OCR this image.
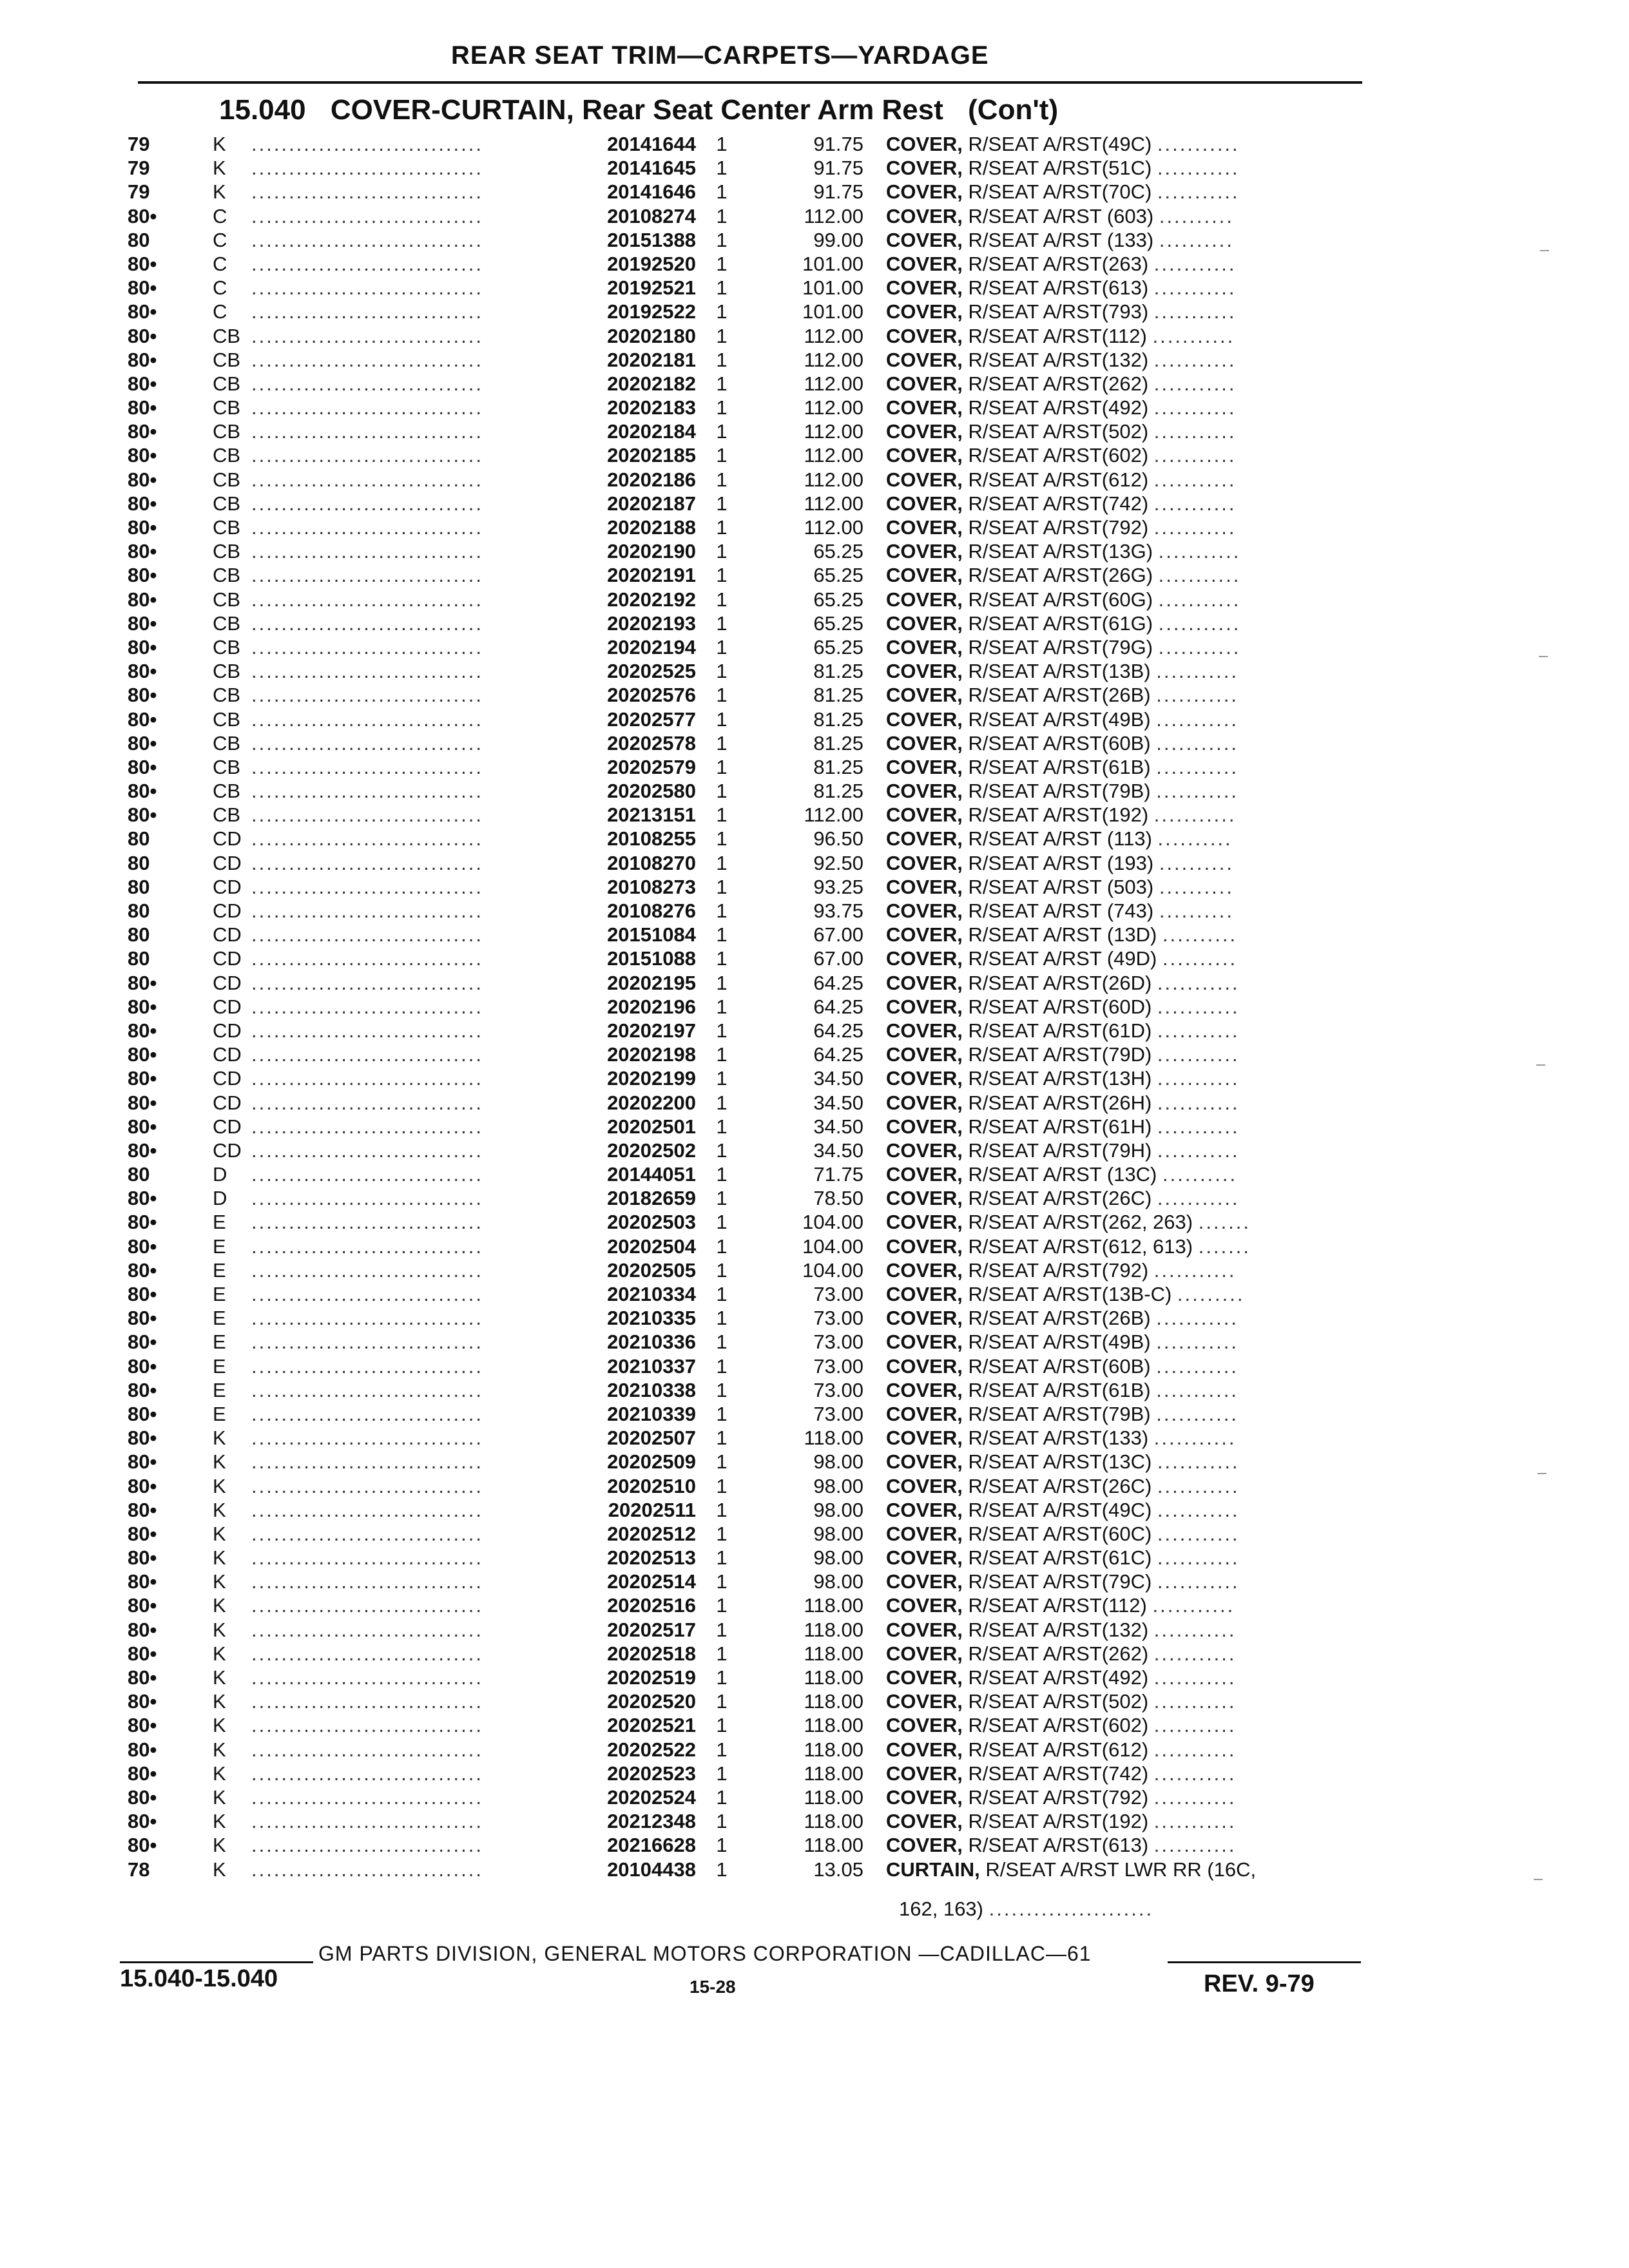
REAR SEAT TRIM—CARPETS—YARDAGE
15.040 COVER-CURTAIN, Rear Seat Center Arm Rest (Con't)
79	K	...............................	20141644	1	91.75 COVER, R/SEAT A/RST(49C) ...........
79	K	...............................	20141645	1	91.75 COVER, R/SEAT A/RST(51C) ...........
79	K	...............................	20141646	1	91.75 COVER, R/SEAT A/RST(70C) ...........
80•	C	...............................	20108274	1	112.00 COVER, R/SEAT A/RST (603) ..........
80	C	...............................	20151388	1	99.00 COVER, R/SEAT A/RST (133) ..........
80•	C	...............................	20192520	1	101.00 COVER, R/SEAT A/RST(263) ...........
80•	C	...............................	20192521	1	101.00 COVER, R/SEAT A/RST(613) ...........
80•	C	...............................	20192522	1	101.00 COVER, R/SEAT A/RST(793) ...........
80•	CB ...............................	20202180	1	112.00 COVER, R/SEAT A/RST(112) ...........
80•	CB ...............................	20202181	1	112.00 COVER, R/SEAT A/RST(132) ...........
80•	CB ...............................	20202182	1	112.00 COVER, R/SEAT A/RST(262) ...........
80•	CB ...............................	20202183	1	112.00 COVER, R/SEAT A/RST(492) ...........
80•	CB ...............................	20202184	1	112.00 COVER, R/SEAT A/RST(502) ...........
80•	CB ...............................	20202185	1	112.00 COVER, R/SEAT A/RST(602) ...........
80•	CB ...............................	20202186	1	112.00 COVER, R/SEAT A/RST(612) ...........
80•	CB ...............................	20202187	1	112.00 COVER, R/SEAT A/RST(742) ...........
80•	CB ...............................	20202188	1	112.00 COVER, R/SEAT A/RST(792) ...........
80•	CB ...............................	20202190	1	65.25 COVER, R/SEAT A/RST(13G) ...........
80•	CB ...............................	20202191	1	65.25 COVER, R/SEAT A/RST(26G) ...........
80•	CB ...............................	20202192	1	65.25 COVER, R/SEAT A/RST(60G) ...........
80•	CB ...............................	20202193	1	65.25 COVER, R/SEAT A/RST(61G) ...........
80•	CB ...............................	20202194	1	65.25 COVER, R/SEAT A/RST(79G) ...........
80•	CB ...............................	20202525	1	81.25 COVER, R/SEAT A/RST(13B) ...........
80•	CB ...............................	20202576	1	81.25 COVER, R/SEAT A/RST(26B) ...........
80•	CB ...............................	20202577	1	81.25 COVER, R/SEAT A/RST(49B) ...........
80•	CB ...............................	20202578	1	81.25 COVER, R/SEAT A/RST(60B) ...........
80•	CB ...............................	20202579	1	81.25 COVER, R/SEAT A/RST(61B) ...........
80•	CB ...............................	20202580	1	81.25 COVER, R/SEAT A/RST(79B) ...........
80•	CB ...............................	20213151	1	112.00 COVER, R/SEAT A/RST(192) ...........
80	CD ...............................	20108255	1	96.50 COVER, R/SEAT A/RST (113) ..........
80	CD ...............................	20108270	1	92.50 COVER, R/SEAT A/RST (193) ..........
80	CD ...............................	20108273	1	93.25 COVER, R/SEAT A/RST (503) ..........
80	CD ...............................	20108276	1	93.75 COVER, R/SEAT A/RST (743) ..........
80	CD ...............................	20151084	1	67.00 COVER, R/SEAT A/RST (13D) ..........
80	CD ...............................	20151088	1	67.00 COVER, R/SEAT A/RST (49D) ..........
80•	CD ...............................	20202195	1	64.25 COVER, R/SEAT A/RST(26D) ...........
80•	CD ...............................	20202196	1	64.25 COVER, R/SEAT A/RST(60D) ...........
80•	CD ...............................	20202197	1	64.25 COVER, R/SEAT A/RST(61D) ...........
80•	CD ...............................	20202198	1	64.25 COVER, R/SEAT A/RST(79D) ...........
80•	CD ...............................	20202199	1	34.50 COVER, R/SEAT A/RST(13H) ...........
80•	CD ...............................	20202200	1	34.50 COVER, R/SEAT A/RST(26H) ...........
80•	CD ...............................	20202501	1	34.50 COVER, R/SEAT A/RST(61H) ...........
80•	CD ...............................	20202502	1	34.50 COVER, R/SEAT A/RST(79H) ...........
80	D	...............................	20144051	1	71.75 COVER, R/SEAT A/RST (13C) ..........
80•	D	...............................	20182659	1	78.50 COVER, R/SEAT A/RST(26C) ...........
80•	E	...............................	20202503	1	104.00 COVER, R/SEAT A/RST(262, 263) .......
80•	E	...............................	20202504	1	104.00 COVER, R/SEAT A/RST(612, 613) .......
80•	E	...............................	20202505	1	104.00 COVER, R/SEAT A/RST(792) ...........
80•	E	...............................	20210334	1	73.00 COVER, R/SEAT A/RST(13B-C) .........
80•	E	...............................	20210335	1	73.00 COVER, R/SEAT A/RST(26B) ...........
80•	E	...............................	20210336	1	73.00 COVER, R/SEAT A/RST(49B) ...........
80•	E	...............................	20210337	1	73.00 COVER, R/SEAT A/RST(60B) ...........
80•	E	...............................	20210338	1	73.00 COVER, R/SEAT A/RST(61B) ...........
80•	E	...............................	20210339	1	73.00 COVER, R/SEAT A/RST(79B) ...........
80•	K	...............................	20202507	1	118.00 COVER, R/SEAT A/RST(133) ...........
80•	K	...............................	20202509	1	98.00 COVER, R/SEAT A/RST(13C) ...........
80•	K	...............................	20202510	1	98.00 COVER, R/SEAT A/RST(26C) ...........
80•	K	...............................	20202511	1	98.00 COVER, R/SEAT A/RST(49C) ...........
80•	K	...............................	20202512	1	98.00 COVER, R/SEAT A/RST(60C) ...........
80•	K	...............................	20202513	1	98.00 COVER, R/SEAT A/RST(61C) ...........
80•	K	...............................	20202514	1	98.00 COVER, R/SEAT A/RST(79C) ...........
80•	K	...............................	20202516	1	118.00 COVER, R/SEAT A/RST(112) ...........
80•	K	...............................	20202517	1	118.00 COVER, R/SEAT A/RST(132) ...........
80•	K	...............................	20202518	1	118.00 COVER, R/SEAT A/RST(262) ...........
80•	K	...............................	20202519	1	118.00 COVER, R/SEAT A/RST(492) ...........
80•	K	...............................	20202520	1	118.00 COVER, R/SEAT A/RST(502) ...........
80•	K	...............................	20202521	1	118.00 COVER, R/SEAT A/RST(602) ...........
80•	K	...............................	20202522	1	118.00 COVER, R/SEAT A/RST(612) ...........
80•	K	...............................	20202523	1	118.00 COVER, R/SEAT A/RST(742) ...........
80•	K	...............................	20202524	1	118.00 COVER, R/SEAT A/RST(792) ...........
80•	K	...............................	20212348	1	118.00 COVER, R/SEAT A/RST(192) ...........
80•	K	...............................	20216628	1	118.00 COVER, R/SEAT A/RST(613) ...........
78	K	...............................	20104438	1	13.05 CURTAIN, R/SEAT A/RST LWR RR (16C,
162, 163) ......................
GM PARTS DIVISION, GENERAL MOTORS CORPORATION —CADILLAC—61
15.040-15.040	15-28	REV. 9-79
